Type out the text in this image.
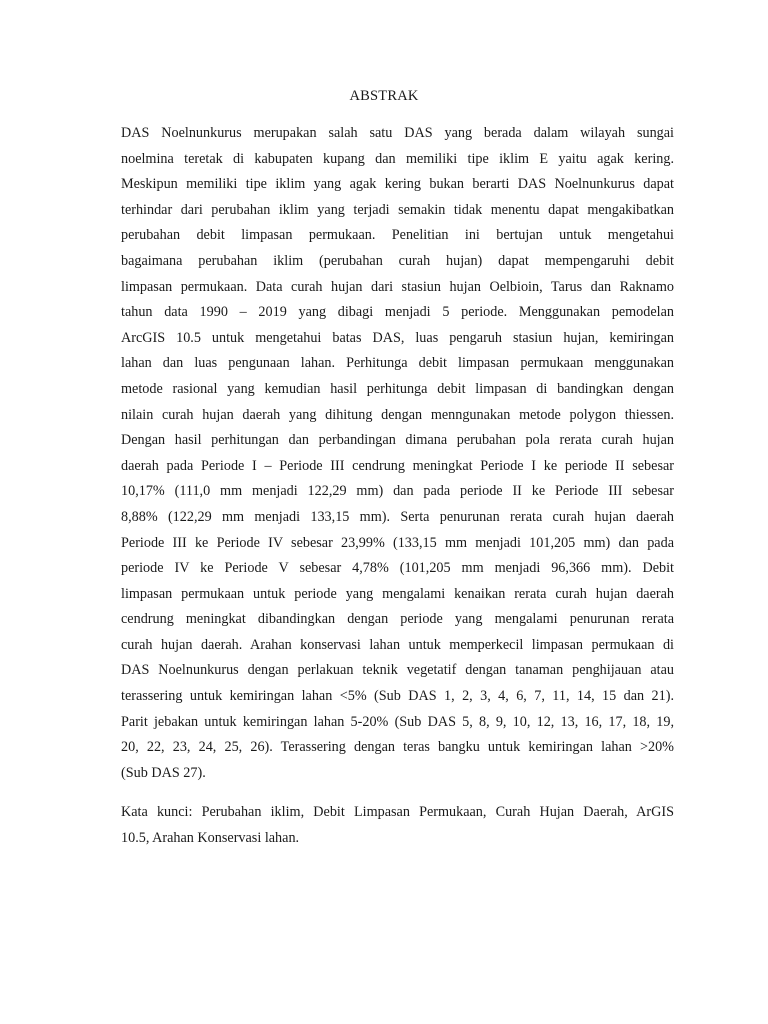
ABSTRAK
DAS Noelnunkurus merupakan salah satu DAS yang berada dalam wilayah sungai
noelmina teretak di kabupaten kupang dan memiliki tipe iklim E yaitu agak kering.
Meskipun memiliki tipe iklim yang agak kering bukan berarti DAS Noelnunkurus dapat
terhindar dari perubahan iklim yang terjadi semakin tidak menentu dapat mengakibatkan
perubahan debit limpasan permukaan. Penelitian ini bertujan untuk mengetahui
bagaimana perubahan iklim (perubahan curah hujan) dapat mempengaruhi debit
limpasan permukaan. Data curah hujan dari stasiun hujan Oelbioin, Tarus dan Raknamo
tahun data 1990 – 2019 yang dibagi menjadi 5 periode. Menggunakan pemodelan
ArcGIS 10.5 untuk mengetahui batas DAS, luas pengaruh stasiun hujan, kemiringan
lahan dan luas pengunaan lahan. Perhitunga debit limpasan permukaan menggunakan
metode rasional yang kemudian hasil perhitunga debit limpasan di bandingkan dengan
nilain curah hujan daerah yang dihitung dengan menngunakan metode polygon thiessen.
Dengan hasil perhitungan dan perbandingan dimana perubahan pola rerata curah hujan
daerah pada Periode I – Periode III cendrung meningkat Periode I ke periode II sebesar
10,17% (111,0 mm menjadi 122,29 mm) dan pada periode II ke Periode III sebesar
8,88% (122,29 mm menjadi 133,15 mm). Serta penurunan rerata curah hujan daerah
Periode III ke Periode IV sebesar 23,99% (133,15 mm menjadi 101,205 mm) dan pada
periode IV ke Periode V sebesar 4,78% (101,205 mm menjadi 96,366 mm). Debit
limpasan permukaan untuk periode yang mengalami kenaikan rerata curah hujan daerah
cendrung meningkat dibandingkan dengan periode yang mengalami penurunan rerata
curah hujan daerah. Arahan konservasi lahan untuk memperkecil limpasan permukaan di
DAS Noelnunkurus dengan perlakuan teknik vegetatif dengan tanaman penghijauan atau
terassering untuk kemiringan lahan <5% (Sub DAS 1, 2, 3, 4, 6, 7, 11, 14, 15 dan 21).
Parit jebakan untuk kemiringan lahan 5-20% (Sub DAS 5, 8, 9, 10, 12, 13, 16, 17, 18, 19,
20, 22, 23, 24, 25, 26). Terassering dengan teras bangku untuk kemiringan lahan >20%
(Sub DAS 27).
Kata kunci: Perubahan iklim, Debit Limpasan Permukaan, Curah Hujan Daerah, ArGIS
10.5, Arahan Konservasi lahan.
